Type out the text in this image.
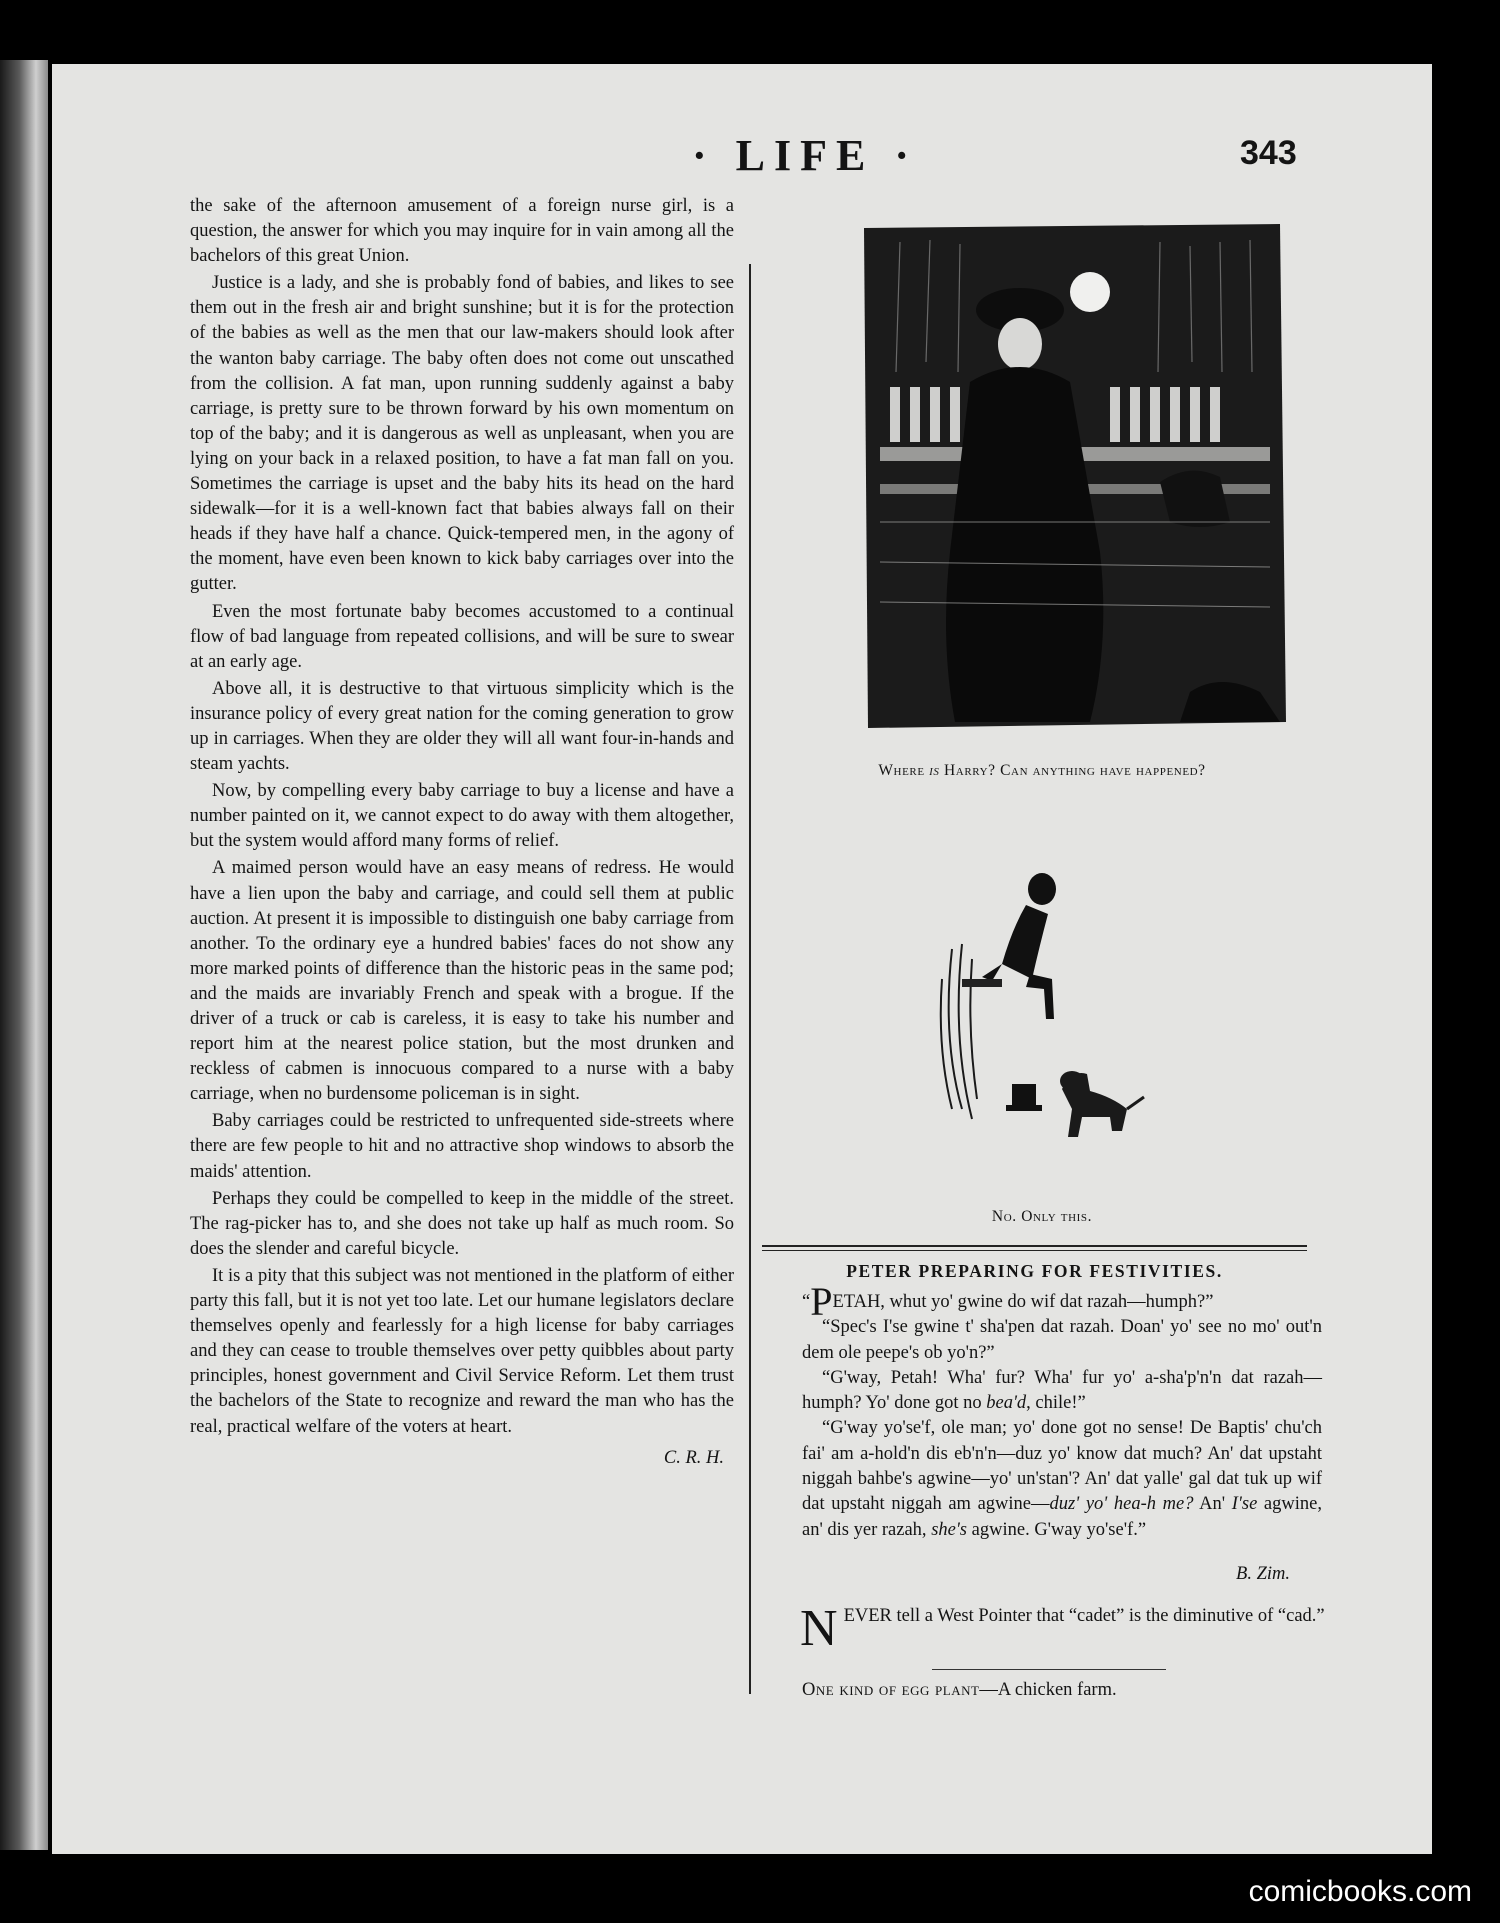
· LIFE ·	343

the sake of the afternoon amusement of a foreign nurse girl, is a question, the answer for which you may inquire for in vain among all the bachelors of this great Union.

Justice is a lady, and she is probably fond of babies, and likes to see them out in the fresh air and bright sunshine; but it is for the protection of the babies as well as the men that our law-makers should look after the wanton baby carriage. The baby often does not come out unscathed from the collision. A fat man, upon running suddenly against a baby carriage, is pretty sure to be thrown forward by his own momentum on top of the baby; and it is dangerous as well as unpleasant, when you are lying on your back in a relaxed position, to have a fat man fall on you. Sometimes the carriage is upset and the baby hits its head on the hard sidewalk—for it is a well-known fact that babies always fall on their heads if they have half a chance. Quick-tempered men, in the agony of the moment, have even been known to kick baby carriages over into the gutter.

Even the most fortunate baby becomes accustomed to a continual flow of bad language from repeated collisions, and will be sure to swear at an early age.

Above all, it is destructive to that virtuous simplicity which is the insurance policy of every great nation for the coming generation to grow up in carriages. When they are older they will all want four-in-hands and steam yachts.

Now, by compelling every baby carriage to buy a license and have a number painted on it, we cannot expect to do away with them altogether, but the system would afford many forms of relief.

A maimed person would have an easy means of redress. He would have a lien upon the baby and carriage, and could sell them at public auction. At present it is impossible to distinguish one baby carriage from another. To the ordinary eye a hundred babies' faces do not show any more marked points of difference than the historic peas in the same pod; and the maids are invariably French and speak with a brogue. If the driver of a truck or cab is careless, it is easy to take his number and report him at the nearest police station, but the most drunken and reckless of cabmen is innocuous compared to a nurse with a baby carriage, when no burdensome policeman is in sight.

Baby carriages could be restricted to unfrequented side-streets where there are few people to hit and no attractive shop windows to absorb the maids' attention.

Perhaps they could be compelled to keep in the middle of the street. The rag-picker has to, and she does not take up half as much room. So does the slender and careful bicycle.

It is a pity that this subject was not mentioned in the platform of either party this fall, but it is not yet too late. Let our humane legislators declare themselves openly and fearlessly for a high license for baby carriages and they can cease to trouble themselves over petty quibbles about party principles, honest government and Civil Service Reform. Let them trust the bachelors of the State to recognize and reward the man who has the real, practical welfare of the voters at heart.

C. R. H.
Where is Harry? Can anything have happened?
No. Only this.
PETER PREPARING FOR FESTIVITIES.

“PETAH, whut yo' gwine do wif dat razah—humph?”

“Spec's I'se gwine t' sha'pen dat razah. Doan' yo' see no mo' out'n dem ole peepe's ob yo'n?”

“G'way, Petah! Wha' fur? Wha' fur yo' a-sha'p'n'n dat razah—humph? Yo' done got no bea'd, chile!”

“G'way yo'se'f, ole man; yo' done got no sense! De Baptis' chu'ch fai' am a-hold'n dis eb'n'n—duz yo' know dat much? An' dat upstaht niggah bahbe's agwine—yo' un'stan'? An' dat yalle' gal dat tuk up wif dat upstaht niggah am agwine—duz' yo' hea-h me? An' I'se agwine, an' dis yer razah, she's agwine. G'way yo'se'f.”

B. Zim.
NEVER tell a West Pointer that “cadet” is the diminutive of “cad.”
One kind of egg plant—A chicken farm.
comicbooks.com
